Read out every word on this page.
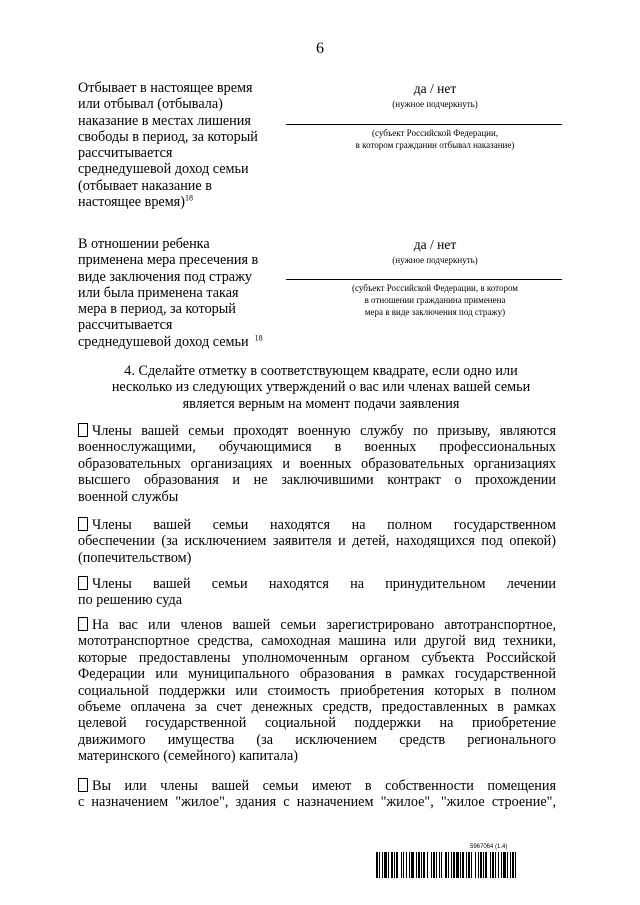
6
Отбывает в настоящее время
или отбывал (отбывала)
наказание в местах лишения
свободы в период, за который
рассчитывается
среднедушевой доход семьи
(отбывает наказание в
настоящее время)$^{18}$
да / нет
(нужное подчеркнуть)
(субъект Российской Федерации,
в котором гражданин отбывал наказание)
В отношении ребенка
применена мера пресечения в
виде заключения под стражу
или была применена такая
мера в период, за который
рассчитывается
среднедушевой доход семьи $^{18}$
да / нет
(нужное подчеркнуть)
(субъект Российской Федерации, в котором
в отношении гражданина применена
мера в виде заключения под стражу)
4. Сделайте отметку в соответствующем квадрате, если одно или
несколько из следующих утверждений о вас или членах вашей семьи
является верным на момент подачи заявления
Члены вашей семьи проходят военную службу по призыву, являются
военнослужащими, обучающимися в военных профессиональных
образовательных организациях и военных образовательных организациях
высшего образования и не заключившими контракт о прохождении
военной службы
Члены вашей семьи находятся на полном государственном
обеспечении (за исключением заявителя и детей, находящихся под опекой)
(попечительством)
Члены вашей семьи находятся на принудительном лечении
по решению суда
На вас или членов вашей семьи зарегистрировано автотранспортное,
мототранспортное средства, самоходная машина или другой вид техники,
которые предоставлены уполномоченным органом субъекта Российской
Федерации или муниципального образования в рамках государственной
социальной поддержки или стоимость приобретения которых в полном
объеме оплачена за счет денежных средств, предоставленных в рамках
целевой государственной социальной поддержки на приобретение
движимого имущества (за исключением средств регионального
материнского (семейного) капитала)
Вы или члены вашей семьи имеют в собственности помещения
с назначением "жилое", здания с назначением "жилое", "жилое строение",
5967064 (1.4)
